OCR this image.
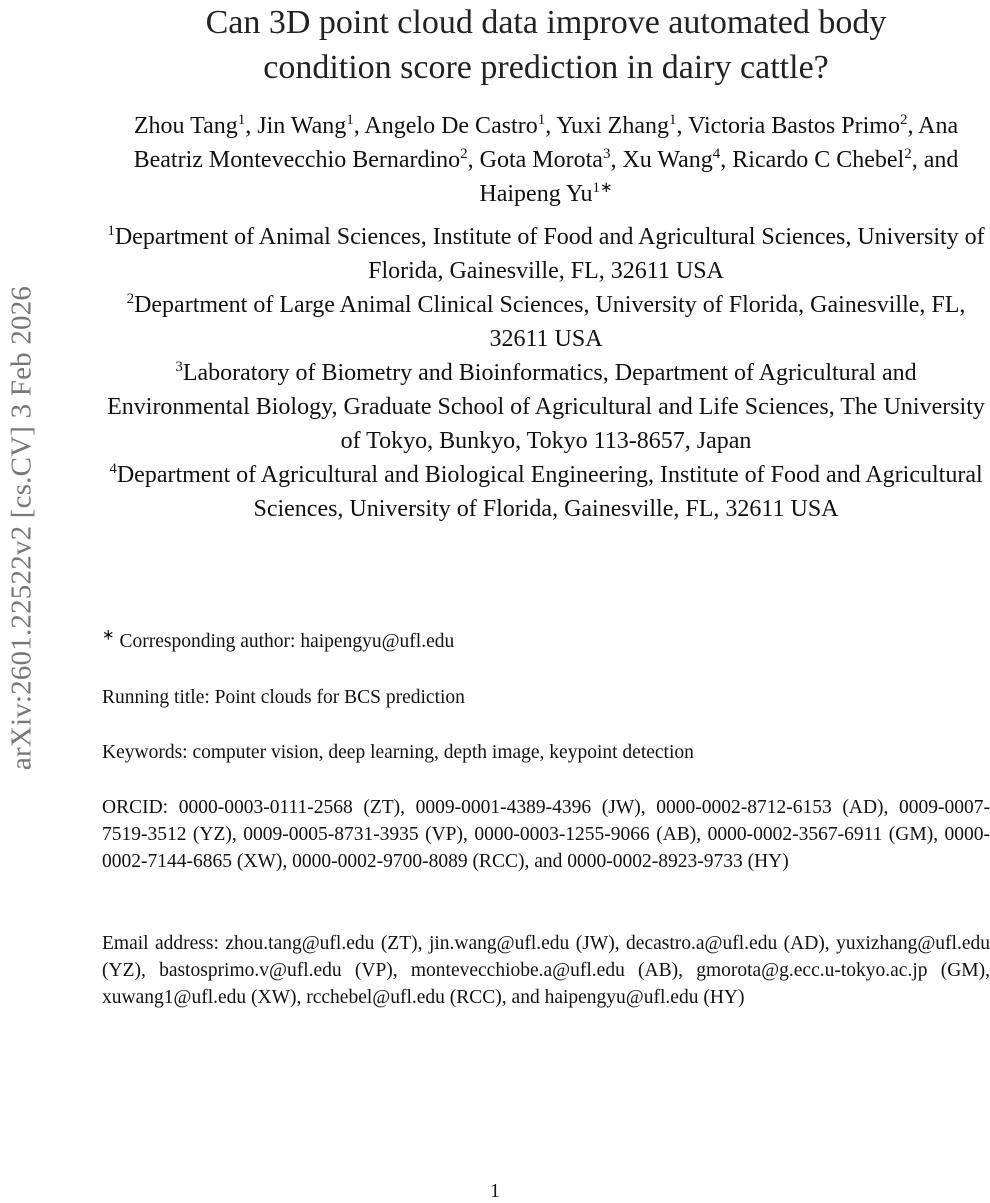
arXiv:2601.22522v2 [cs.CV] 3 Feb 2026
Can 3D point cloud data improve automated body
condition score prediction in dairy cattle?
Zhou Tang$^1$, Jin Wang$^1$, Angelo De Castro$^1$, Yuxi Zhang$^1$, Victoria Bastos Primo$^2$, Ana Beatriz Montevecchio Bernardino$^2$, Gota Morota$^3$, Xu Wang$^4$, Ricardo C Chebel$^2$, and Haipeng $Yu^{1∗}$
$^1$Department of Animal Sciences, Institute of Food and Agricultural Sciences, University of Florida, Gainesville, FL, 32611 USA
$^2$Department of Large Animal Clinical Sciences, University of Florida, Gainesville, FL, 32611 USA
$^3$Laboratory of Biometry and Bioinformatics, Department of Agricultural and Environmental Biology, Graduate School of Agricultural and Life Sciences, The University of Tokyo, Bunkyo, Tokyo 113-8657, Japan
$^4$Department of Agricultural and Biological Engineering, Institute of Food and Agricultural Sciences, University of Florida, Gainesville, FL, 32611 USA
∗ Corresponding author: haipengyu@ufl.edu
Running title: Point clouds for BCS prediction
Keywords: computer vision, deep learning, depth image, keypoint detection
ORCID: 0000-0003-0111-2568 (ZT), 0009-0001-4389-4396 (JW), 0000-0002-8712-6153 (AD), 0009-0007-7519-3512 (YZ), 0009-0005-8731-3935 (VP), 0000-0003-1255-9066 (AB), 0000-0002-3567-6911 (GM), 0000-0002-7144-6865 (XW), 0000-0002-9700-8089 (RCC), and 0000-0002-8923-9733 (HY)
Email address: zhou.tang@ufl.edu (ZT), jin.wang@ufl.edu (JW), decastro.a@ufl.edu (AD), yuxizhang@ufl.edu (YZ), bastosprimo.v@ufl.edu (VP), montevecchiobe.a@ufl.edu (AB), gmorota@g.ecc.u-tokyo.ac.jp (GM), xuwang1@ufl.edu (XW), rcchebel@ufl.edu (RCC), and haipengyu@ufl.edu (HY)
1
